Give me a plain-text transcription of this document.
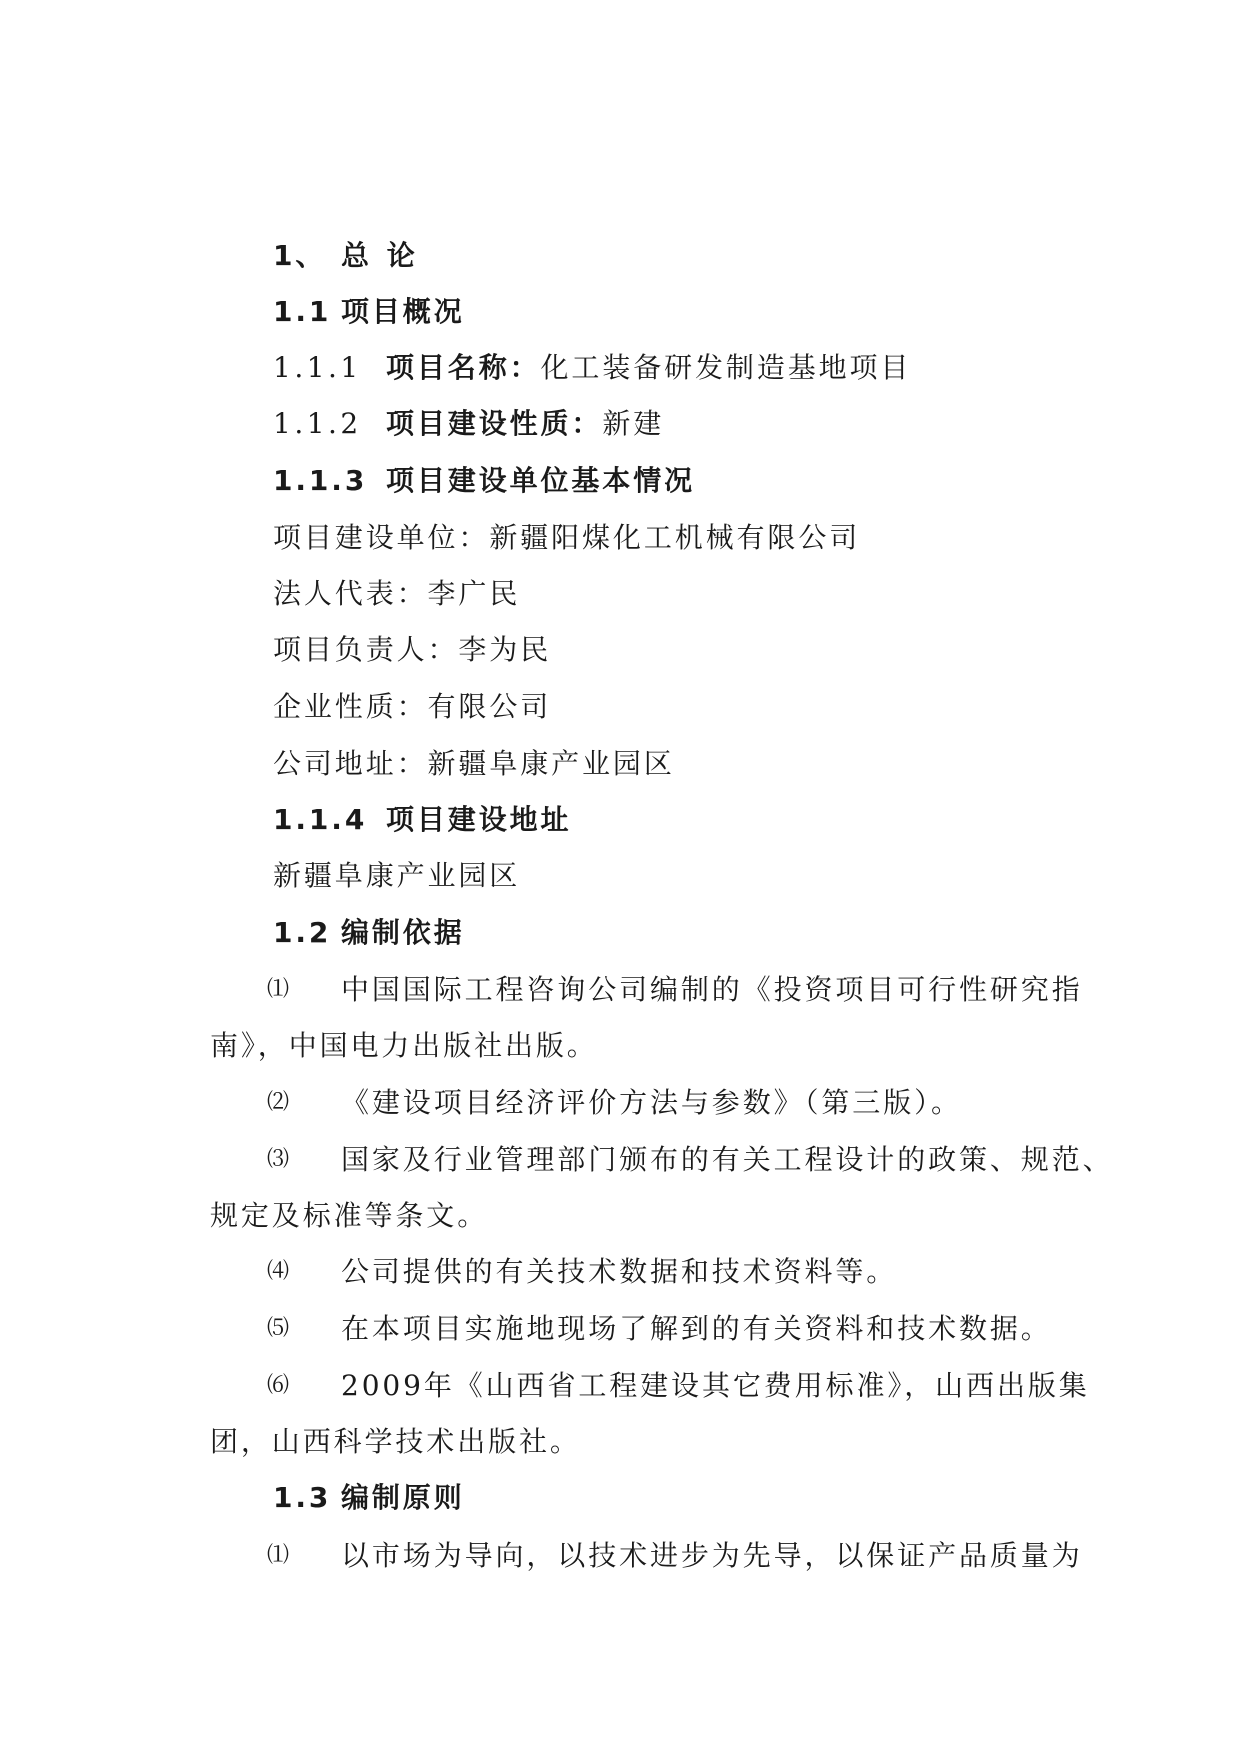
1、 总 论
1.1 项目概况
1.1.1 项目名称：化工装备研发制造基地项目
1.1.2 项目建设性质：新建
1.1.3 项目建设单位基本情况
项目建设单位：新疆阳煤化工机械有限公司
法人代表：李广民
项目负责人：李为民
企业性质：有限公司
公司地址：新疆阜康产业园区
1.1.4 项目建设地址
新疆阜康产业园区
1.2 编制依据
⑴ 中国国际工程咨询公司编制的《投资项目可行性研究指
南》，中国电力出版社出版。
⑵ 《建设项目经济评价方法与参数》（第三版）。
⑶ 国家及行业管理部门颁布的有关工程设计的政策、规范、
规定及标准等条文。
⑷ 公司提供的有关技术数据和技术资料等。
⑸ 在本项目实施地现场了解到的有关资料和技术数据。
⑹ 2009年《山西省工程建设其它费用标准》，山西出版集
团，山西科学技术出版社。
1.3 编制原则
⑴ 以市场为导向，以技术进步为先导，以保证产品质量为
